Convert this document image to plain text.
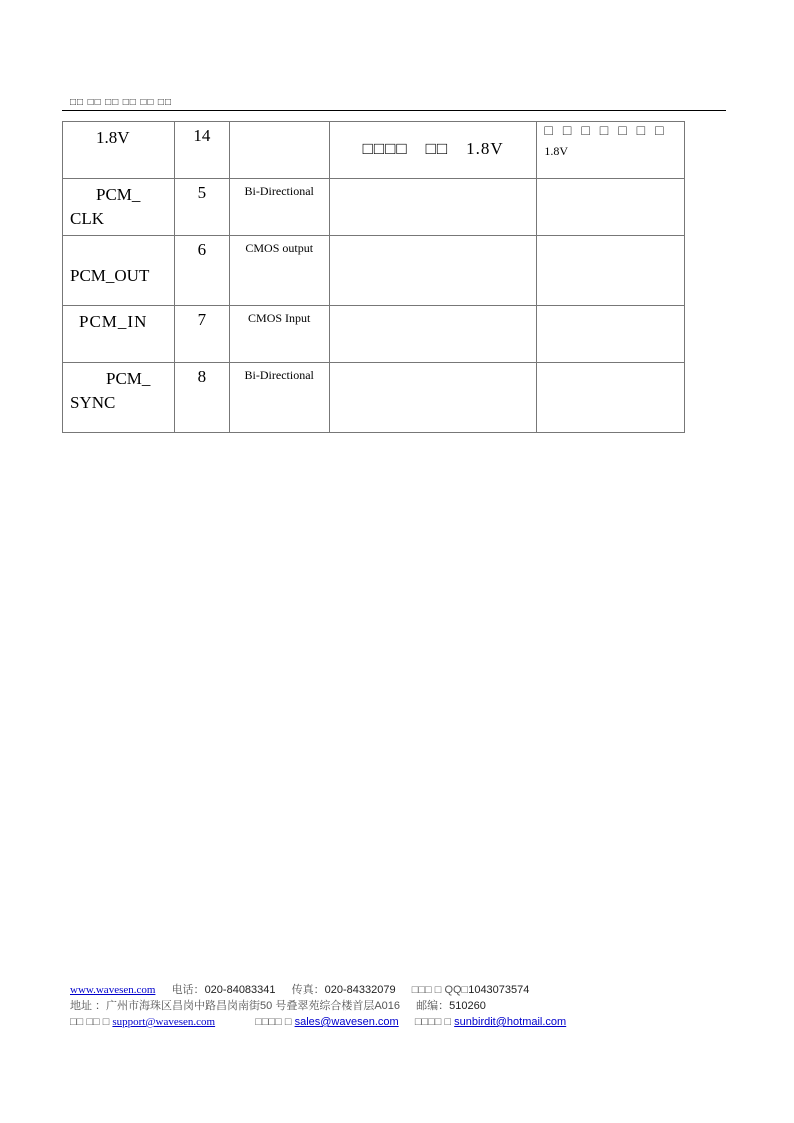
□□ □□ □□ □□ □□ □□
1.8V	14		□□□□　□□　1.8V	□□□□□□□
1.8V

PCM_
CLK	5	Bi-Directional		

PCM_OUT	6	CMOS output		

PCM_IN	7	CMOS Input		

PCM_
SYNC	8	Bi-Directional		
www.wavesen.com 电话：020-84083341 传真：020-84332079 □□□ □ QQ□1043073574
地址 ：广州市海珠区昌岗中路昌岗南街50 号叠翠苑综合楼首层A016 邮编：510260
□□ □□ □ support@wavesen.com	□□□□ □ sales@wavesen.com □□□□ □ sunbirdit@hotmail.com
